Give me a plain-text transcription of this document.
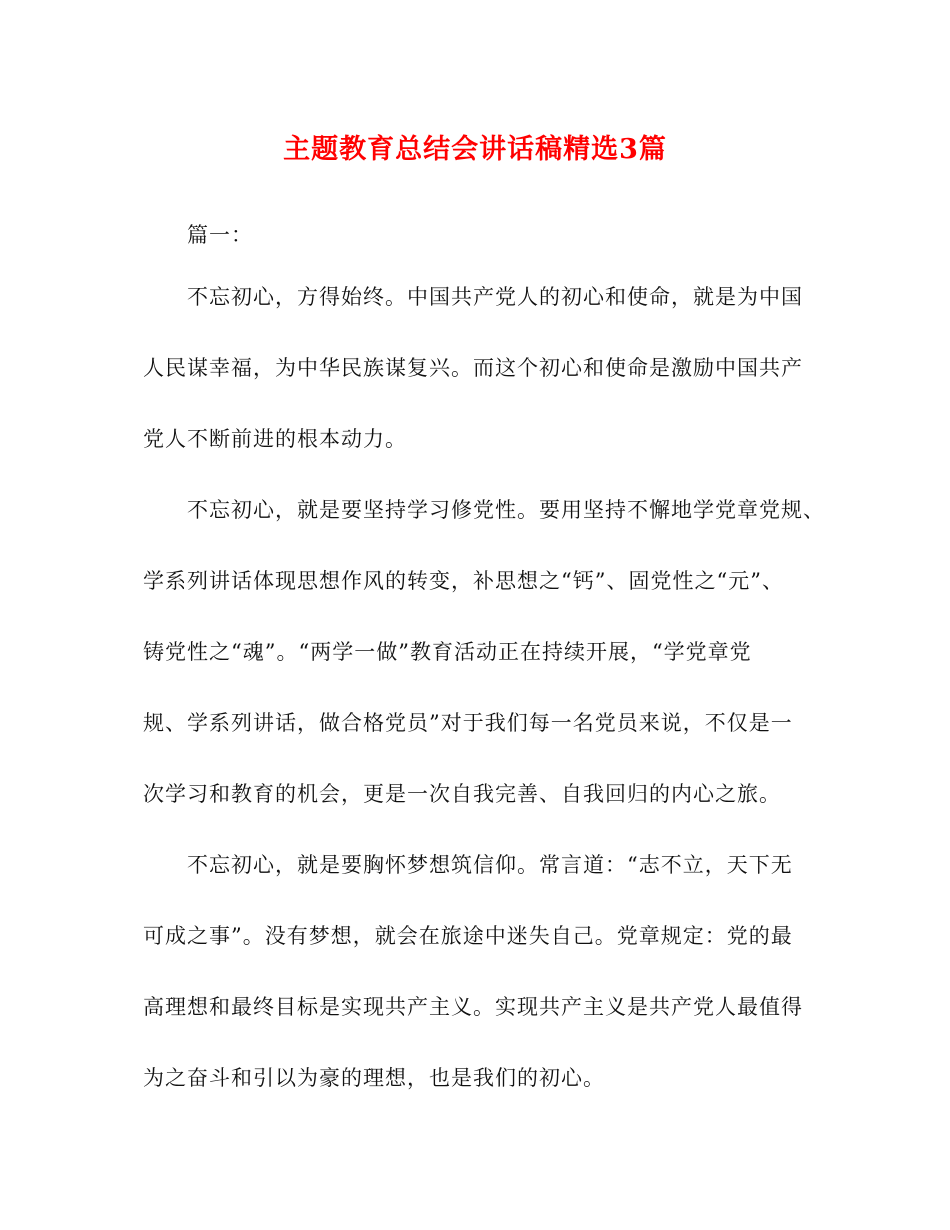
主题教育总结会讲话稿精选3篇
篇一：
不忘初心，方得始终。中国共产党人的初心和使命，就是为中国
人民谋幸福，为中华民族谋复兴。而这个初心和使命是激励中国共产
党人不断前进的根本动力。
不忘初心，就是要坚持学习修党性。要用坚持不懈地学党章党规、
学系列讲话体现思想作风的转变，补思想之“钙”、固党性之“元”、
铸党性之“魂”。“两学一做”教育活动正在持续开展，“学党章党
规、学系列讲话，做合格党员”对于我们每一名党员来说，不仅是一
次学习和教育的机会，更是一次自我完善、自我回归的内心之旅。
不忘初心，就是要胸怀梦想筑信仰。常言道：“志不立，天下无
可成之事”。没有梦想，就会在旅途中迷失自己。党章规定：党的最
高理想和最终目标是实现共产主义。实现共产主义是共产党人最值得
为之奋斗和引以为豪的理想，也是我们的初心。
